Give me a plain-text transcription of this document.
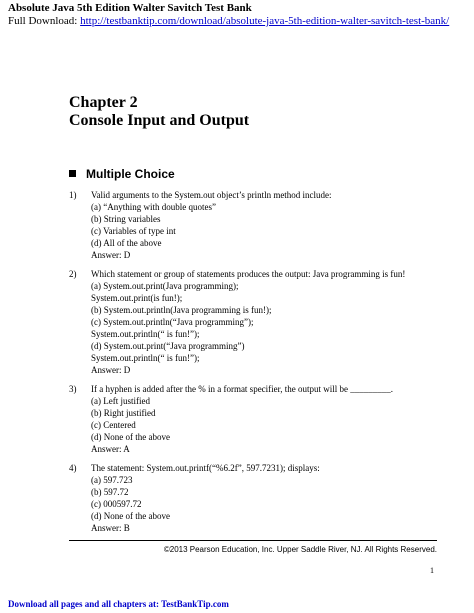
Absolute Java 5th Edition Walter Savitch Test Bank
Full Download: http://testbanktip.com/download/absolute-java-5th-edition-walter-savitch-test-bank/
Chapter 2
Console Input and Output
Multiple Choice
1) Valid arguments to the System.out object’s println method include:
(a) “Anything with double quotes”
(b) String variables
(c) Variables of type int
(d) All of the above
Answer: D
2) Which statement or group of statements produces the output: Java programming is fun!
(a) System.out.print(Java programming);
System.out.print(is fun!);
(b) System.out.println(Java programming is fun!);
(c) System.out.println(“Java programming”);
System.out.println(“ is fun!”);
(d) System.out.print(“Java programming”)
System.out.println(“ is fun!”);
Answer: D
3) If a hyphen is added after the % in a format specifier, the output will be _________.
(a) Left justified
(b) Right justified
(c) Centered
(d) None of the above
Answer: A
4) The statement: System.out.printf(“%6.2f”, 597.7231); displays:
(a) 597.723
(b) 597.72
(c) 000597.72
(d) None of the above
Answer: B
©2013 Pearson Education, Inc. Upper Saddle River, NJ. All Rights Reserved.
1
Download all pages and all chapters at: TestBankTip.com
